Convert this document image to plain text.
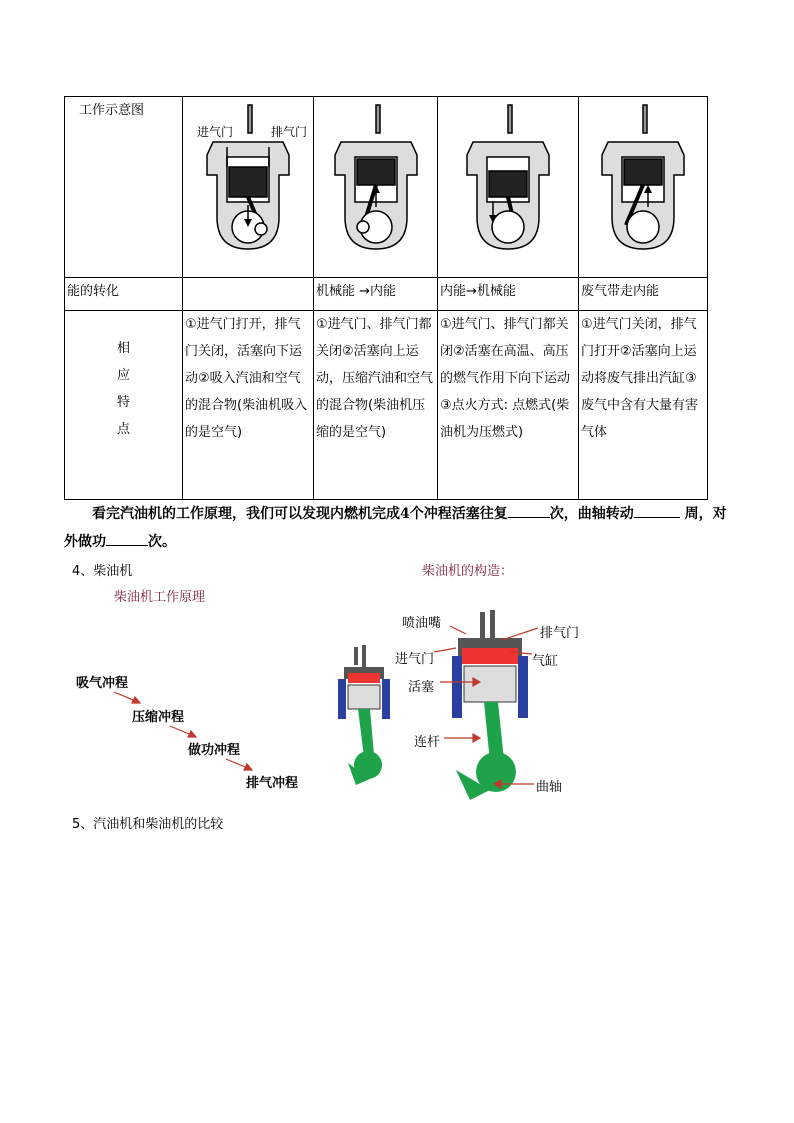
工作示意图	进气门 排气门

能的转化		机械能 →内能	内能→机械能	废气带走内能

相
应
特
点	①进气门打开，排气门关闭，活塞向下运动②吸入汽油和空气的混合物(柴油机吸入的是空气)	①进气门、排气门都关闭②活塞向上运动，压缩汽油和空气的混合物(柴油机压缩的是空气)	①进气门、排气门都关闭②活塞在高温、高压的燃气作用下向下运动③点火方式: 点燃式(柴油机为压燃式)	①进气门关闭，排气门打开②活塞向上运动将废气排出汽缸③废气中含有大量有害气体
看完汽油机的工作原理，我们可以发现内燃机完成4个冲程活塞往复	次，曲轴转动	周，对外做功	次。
4、柴油机	柴油机的构造：
柴油机工作原理
吸气冲程
压缩冲程
做功冲程
排气冲程
喷油嘴
排气门
进气门	气缸
活塞
连杆
曲轴
5、汽油机和柴油机的比较
